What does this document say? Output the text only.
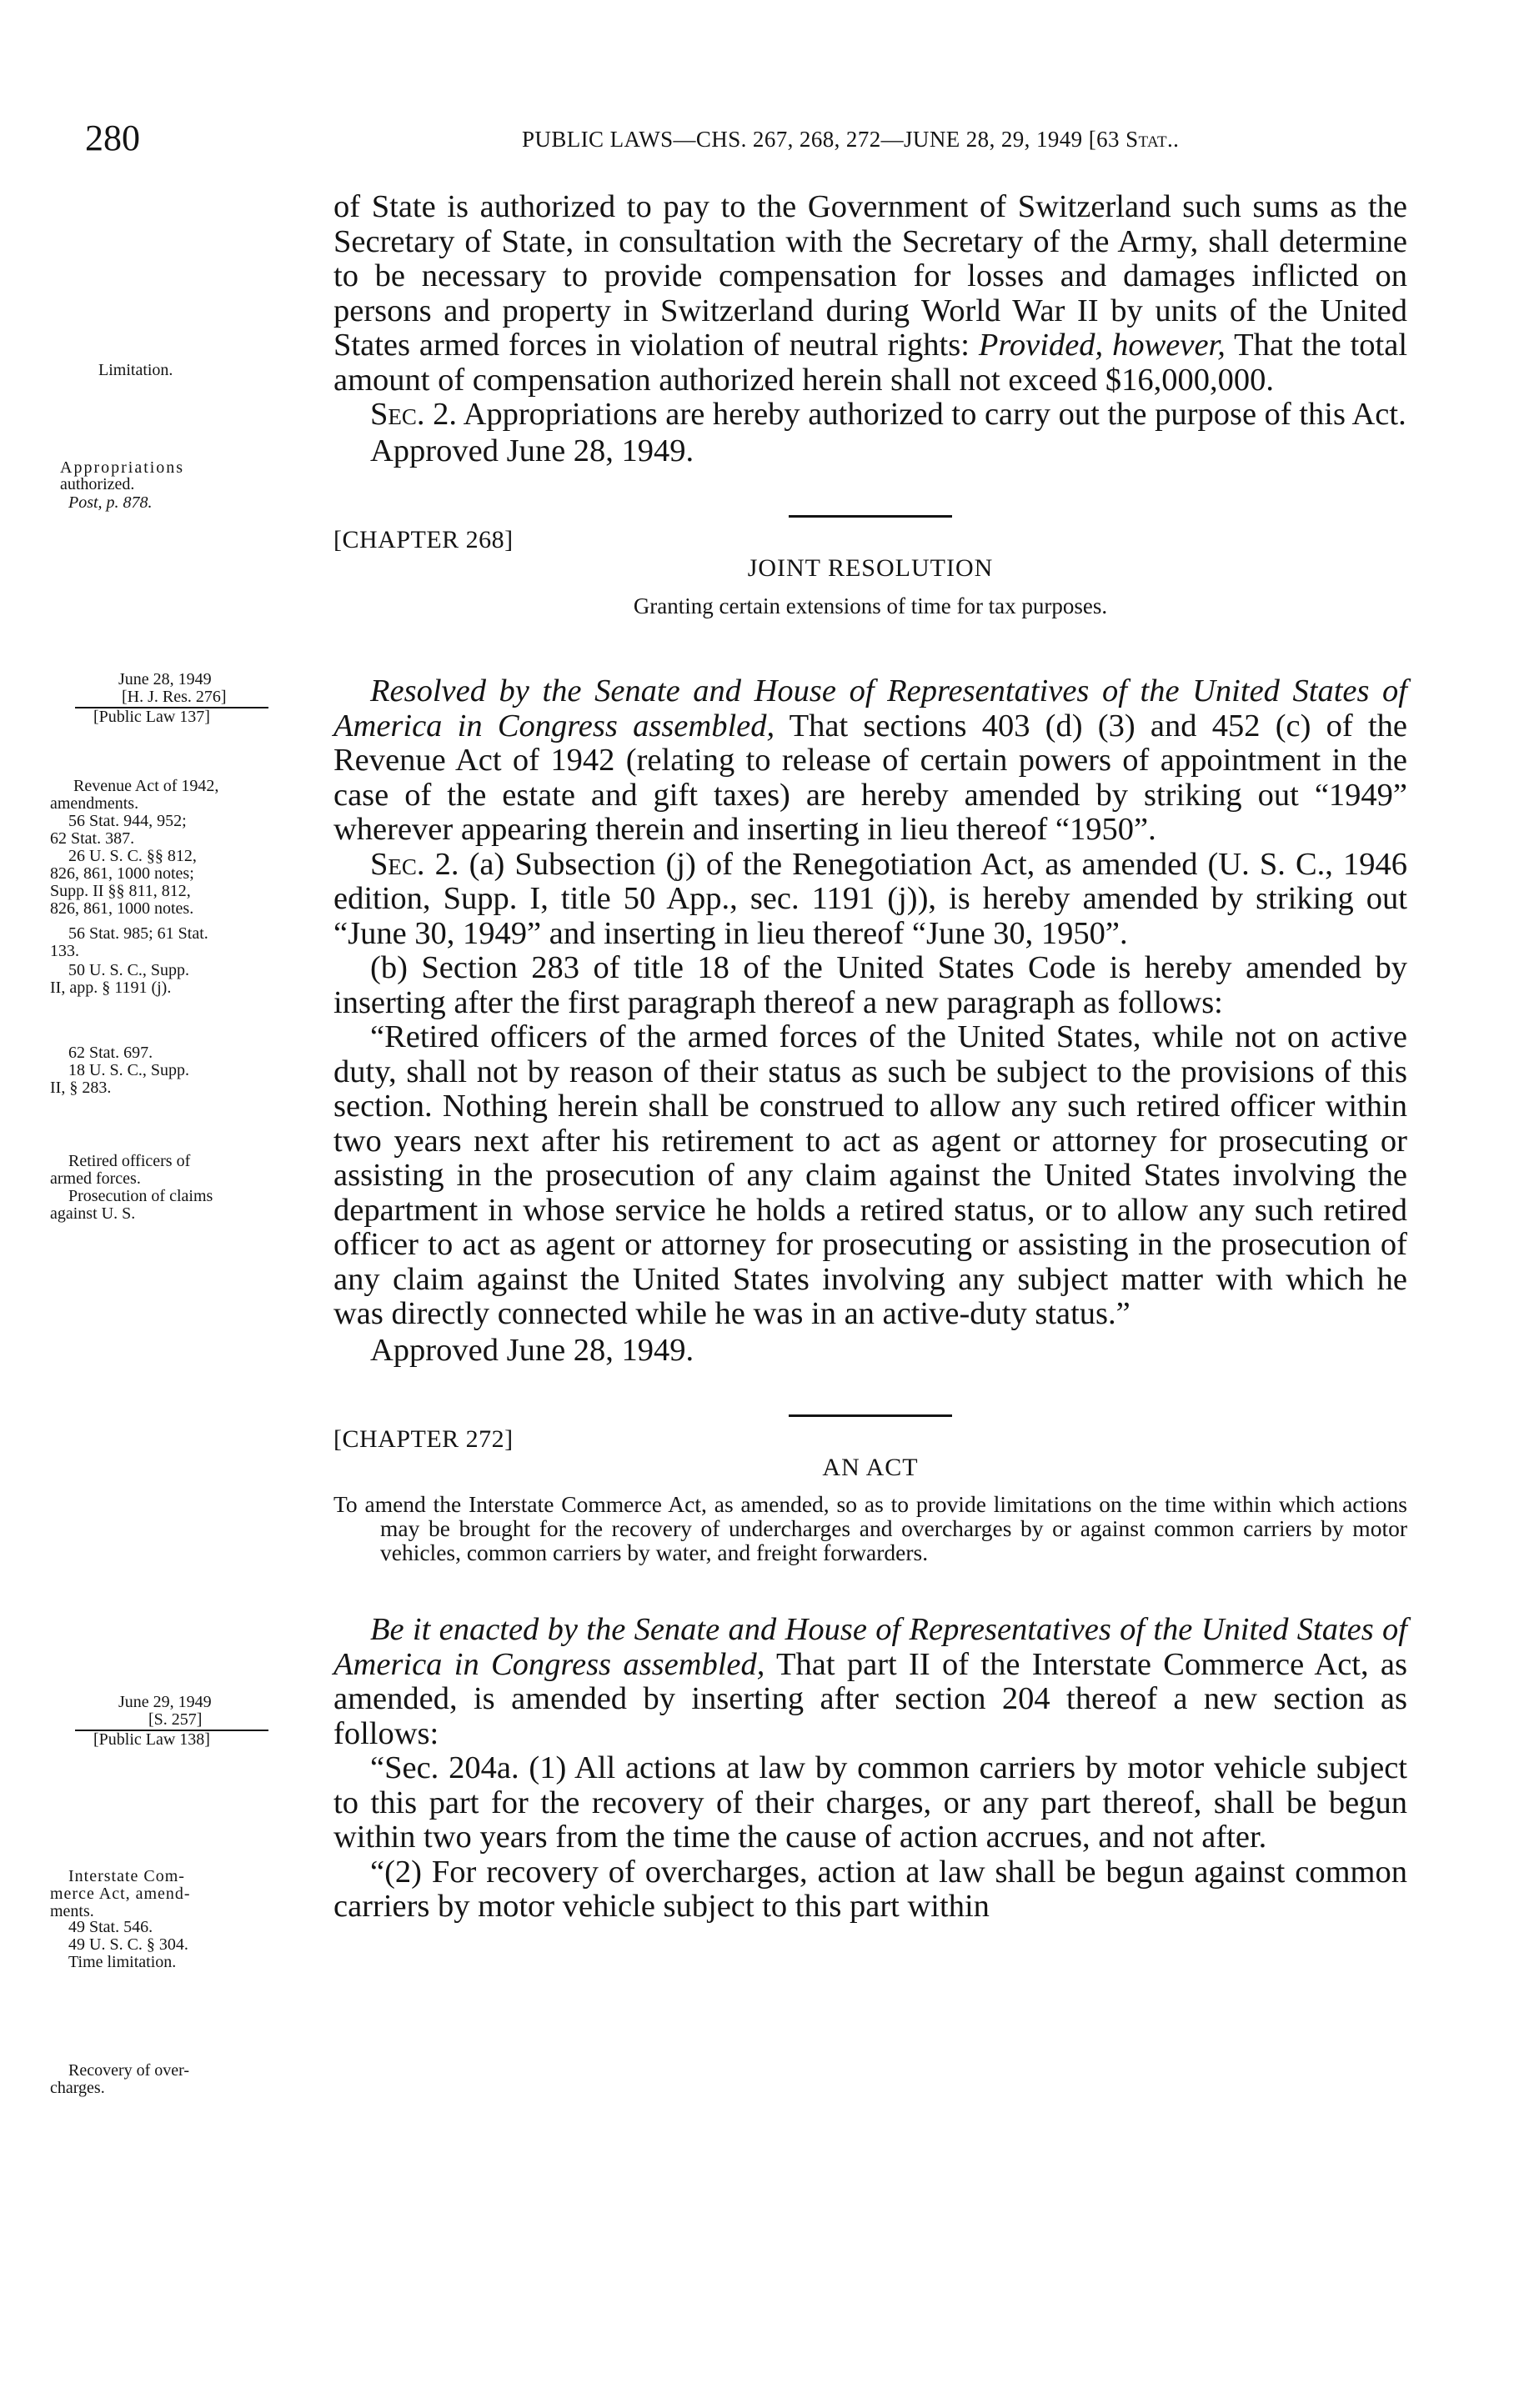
280	PUBLIC LAWS—CHS. 267, 268, 272—JUNE 28, 29, 1949 [63 Stat..

of State is authorized to pay to the Government of Switzerland such sums as the Secretary of State, in consultation with the Secretary of the Army, shall determine to be necessary to provide compensation for losses and damages inflicted on persons and property in Switzerland during World War II by units of the United States armed forces in violation of neutral rights: Provided, however, That the total amount of compensation authorized herein shall not exceed $16,000,000.

Sec. 2. Appropriations are hereby authorized to carry out the purpose of this Act.

Approved June 28, 1949.

[CHAPTER 268]
JOINT RESOLUTION
Granting certain extensions of time for tax purposes.

Resolved by the Senate and House of Representatives of the United States of America in Congress assembled, That sections 403 (d) (3) and 452 (c) of the Revenue Act of 1942 (relating to release of certain powers of appointment in the case of the estate and gift taxes) are hereby amended by striking out “1949” wherever appearing therein and inserting in lieu thereof “1950”.

Sec. 2. (a) Subsection (j) of the Renegotiation Act, as amended (U. S. C., 1946 edition, Supp. I, title 50 App., sec. 1191 (j)), is hereby amended by striking out “June 30, 1949” and inserting in lieu thereof “June 30, 1950”.

(b) Section 283 of title 18 of the United States Code is hereby amended by inserting after the first paragraph thereof a new paragraph as follows:

“Retired officers of the armed forces of the United States, while not on active duty, shall not by reason of their status as such be subject to the provisions of this section. Nothing herein shall be construed to allow any such retired officer within two years next after his retirement to act as agent or attorney for prosecuting or assisting in the prosecution of any claim against the United States involving the department in whose service he holds a retired status, or to allow any such retired officer to act as agent or attorney for prosecuting or assisting in the prosecution of any claim against the United States involving any subject matter with which he was directly connected while he was in an active-duty status.”

Approved June 28, 1949.

[CHAPTER 272]
AN ACT

To amend the Interstate Commerce Act, as amended, so as to provide limitations on the time within which actions may be brought for the recovery of undercharges and overcharges by or against common carriers by motor vehicles, common carriers by water, and freight forwarders.

Be it enacted by the Senate and House of Representatives of the United States of America in Congress assembled, That part II of the Interstate Commerce Act, as amended, is amended by inserting after section 204 thereof a new section as follows:

“Sec. 204a. (1) All actions at law by common carriers by motor vehicle subject to this part for the recovery of their charges, or any part thereof, shall be begun within two years from the time the cause of action accrues, and not after.

“(2) For recovery of overcharges, action at law shall be begun against common carriers by motor vehicle subject to this part within

Limitation.
Appropriations
authorized.
Post, p. 878.
June 28, 1949
[H. J. Res. 276]
[Public Law 137]
Revenue Act of 1942,
amendments.
56 Stat. 944, 952;
62 Stat. 387.
26 U. S. C. §§ 812,
826, 861, 1000 notes;
Supp. II §§ 811, 812,
826, 861, 1000 notes.
56 Stat. 985; 61 Stat.
133.
50 U. S. C., Supp.
II, app. § 1191 (j).
62 Stat. 697.
18 U. S. C., Supp.
II, § 283.
Retired officers of
armed forces.
Prosecution of claims
against U. S.
June 29, 1949
[S. 257]
[Public Law 138]
Interstate Com-
merce Act, amend-
ments.
49 Stat. 546.
49 U. S. C. § 304.
Time limitation.
Recovery of over-
charges.
